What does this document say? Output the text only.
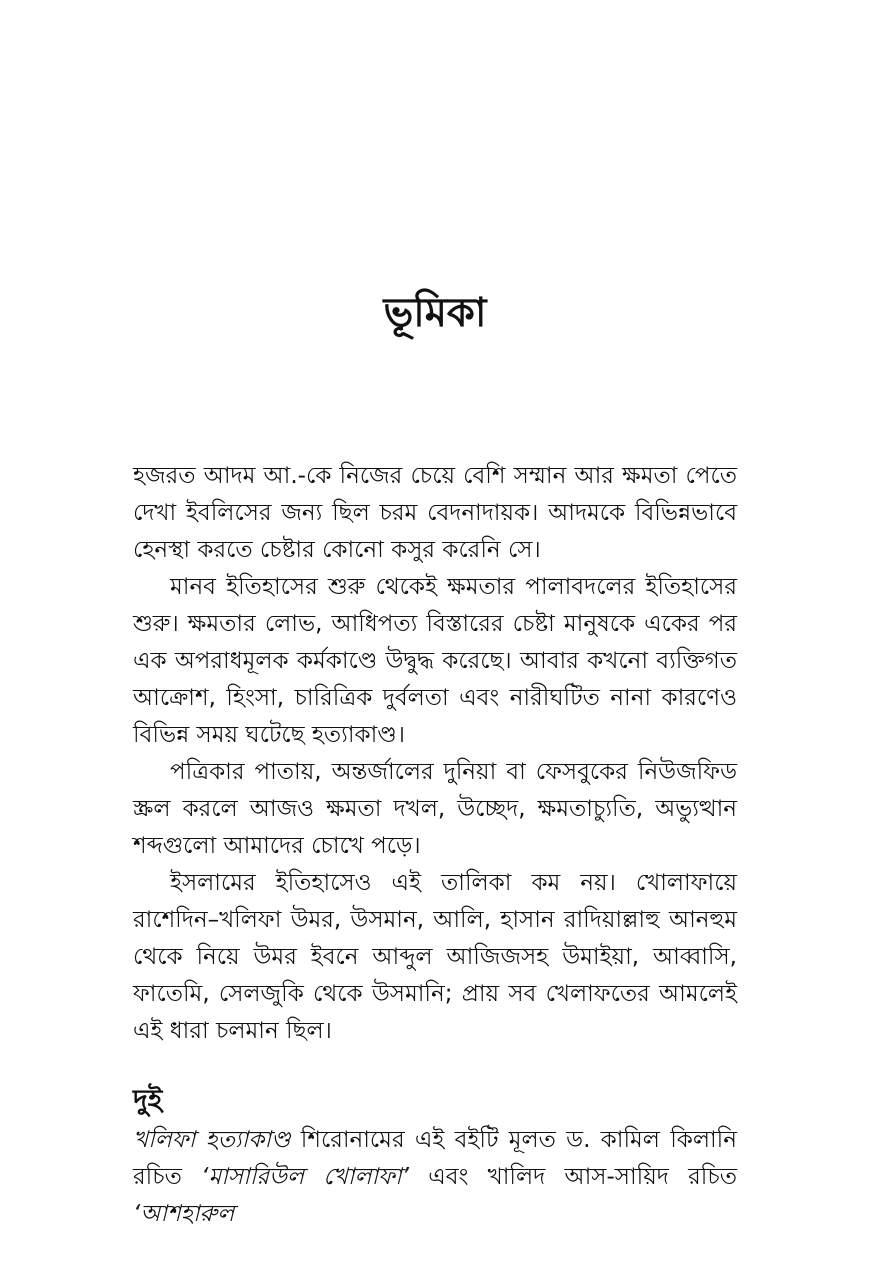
ভূমিকা

হজরত আদম আ.-কে নিজের চেয়ে বেশি সম্মান আর ক্ষমতা পেতে দেখা ইবলিসের জন্য ছিল চরম বেদনাদায়ক। আদমকে বিভিন্নভাবে হেনস্থা করতে চেষ্টার কোনো কসুর করেনি সে।

মানব ইতিহাসের শুরু থেকেই ক্ষমতার পালাবদলের ইতিহাসের শুরু। ক্ষমতার লোভ, আধিপত্য বিস্তারের চেষ্টা মানুষকে একের পর এক অপরাধমূলক কর্মকাণ্ডে উদ্বুদ্ধ করেছে। আবার কখনো ব্যক্তিগত আক্রোশ, হিংসা, চারিত্রিক দুর্বলতা এবং নারীঘটিত নানা কারণেও বিভিন্ন সময় ঘটেছে হত্যাকাণ্ড।

পত্রিকার পাতায়, অন্তর্জালের দুনিয়া বা ফেসবুকের নিউজফিড স্ক্রল করলে আজও ক্ষমতা দখল, উচ্ছেদ, ক্ষমতাচ্যুতি, অভ্যুত্থান শব্দগুলো আমাদের চোখে পড়ে।

ইসলামের ইতিহাসেও এই তালিকা কম নয়। খোলাফায়ে রাশেদিন–খলিফা উমর, উসমান, আলি, হাসান রাদিয়াল্লাহু আনহুম থেকে নিয়ে উমর ইবনে আব্দুল আজিজসহ উমাইয়া, আব্বাসি, ফাতেমি, সেলজুকি থেকে উসমানি; প্রায় সব খেলাফতের আমলেই এই ধারা চলমান ছিল।

দুই

খলিফা হত্যাকাণ্ড শিরোনামের এই বইটি মূলত ড. কামিল কিলানি রচিত ‘মাসারিউল খোলাফা’ এবং খালিদ আস-সায়িদ রচিত ‘আশহারুল
